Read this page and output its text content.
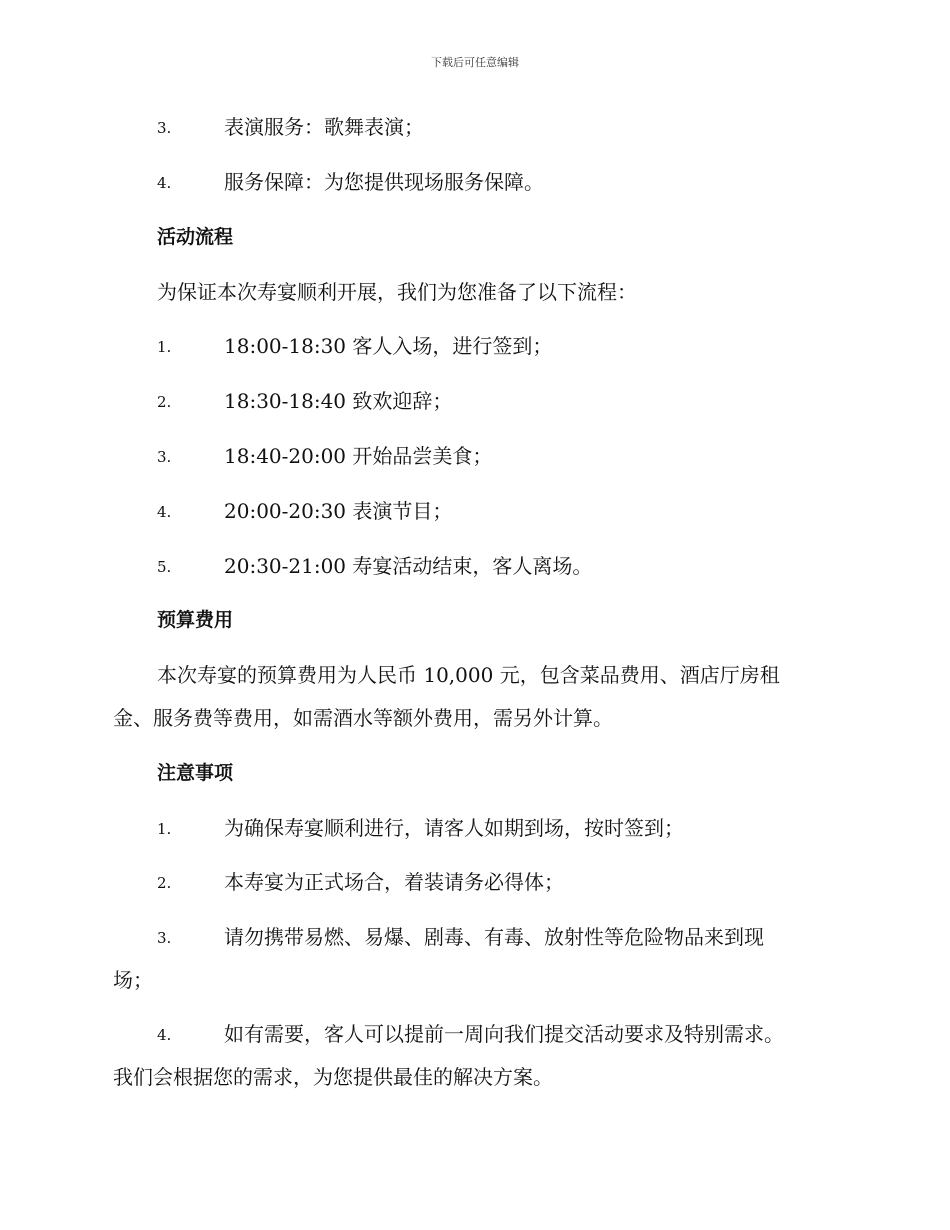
下载后可任意编辑
3.	表演服务：歌舞表演；
4.	服务保障：为您提供现场服务保障。
活动流程
为保证本次寿宴顺利开展，我们为您准备了以下流程：
1.	18:00-18:30 客人入场，进行签到；
2.	18:30-18:40 致欢迎辞；
3.	18:40-20:00 开始品尝美食；
4.	20:00-20:30 表演节目；
5.	20:30-21:00 寿宴活动结束，客人离场。
预算费用
本次寿宴的预算费用为人民币 10,000 元，包含菜品费用、酒店厅房租
金、服务费等费用，如需酒水等额外费用，需另外计算。
注意事项
1.	为确保寿宴顺利进行，请客人如期到场，按时签到；
2.	本寿宴为正式场合，着装请务必得体；
3.	请勿携带易燃、易爆、剧毒、有毒、放射性等危险物品来到现
场；
4.	如有需要，客人可以提前一周向我们提交活动要求及特别需求。
我们会根据您的需求，为您提供最佳的解决方案。
